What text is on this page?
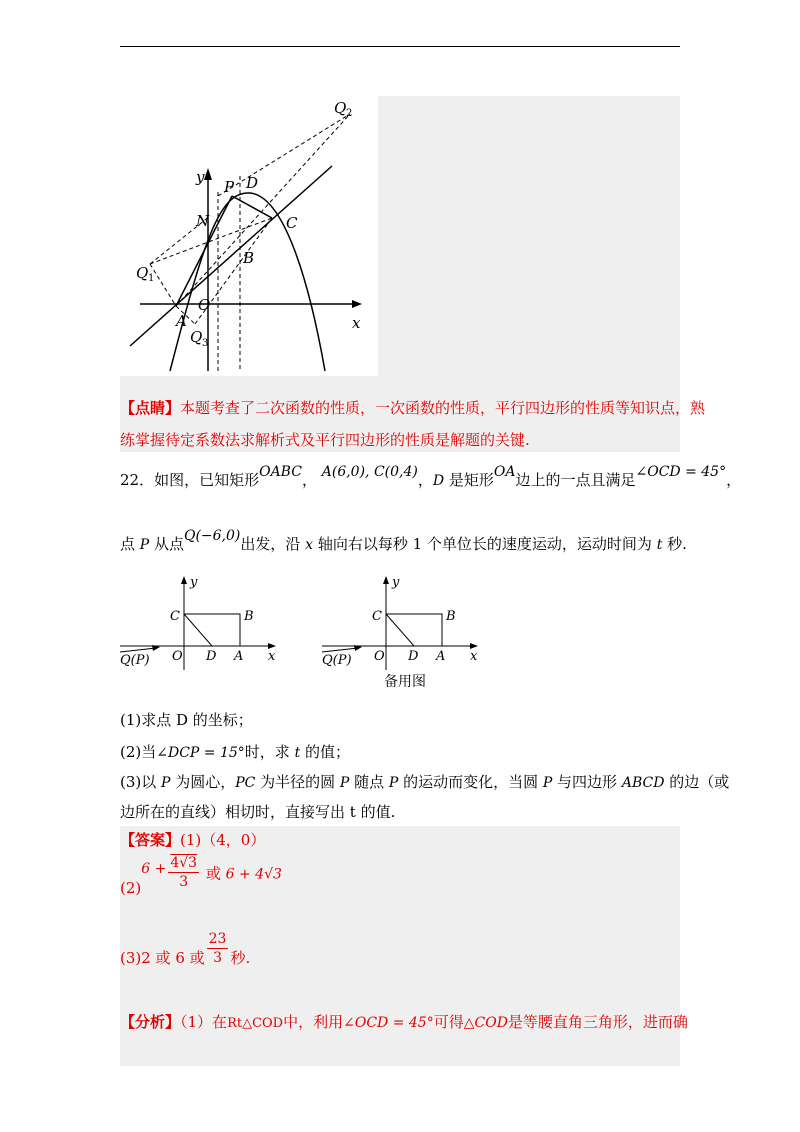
Q 2
y
P D
N	C
B
Q 1
O
A
Q 3
x
【点睛】本题考查了二次函数的性质，一次函数的性质，平行四边形的性质等知识点，熟
练掌握待定系数法求解析式及平行四边形的性质是解题的关键.
22．如图，已知矩形OABC， A(6,0), C(0,4)，D 是矩形OA边上的一点且满足∠OCD = 45°，
点 P 从点Q(−6,0)出发，沿 x 轴向右以每秒 1 个单位长的速度运动，运动时间为 t 秒.
y
C	B
Q(P) O D A x
y
C	B
Q(P) O D A x
备用图
(1)求点 D 的坐标；
(2)当∠DCP = 15°时，求 t 的值；
(3)以 P 为圆心，PC 为半径的圆 P 随点 P 的运动而变化，当圆 P 与四边形 ABCD 的边（或
边所在的直线）相切时，直接写出 t 的值.
【答案】(1)（4，0）
$(2)6 + \frac{4√3}{3}$ 或 6 + 4√3
(3)2 或 6 或 $\frac{23}{3}$ 秒.
【分析】（1）在Rt△COD中，利用∠OCD = 45°可得△COD是等腰直角三角形，进而确
